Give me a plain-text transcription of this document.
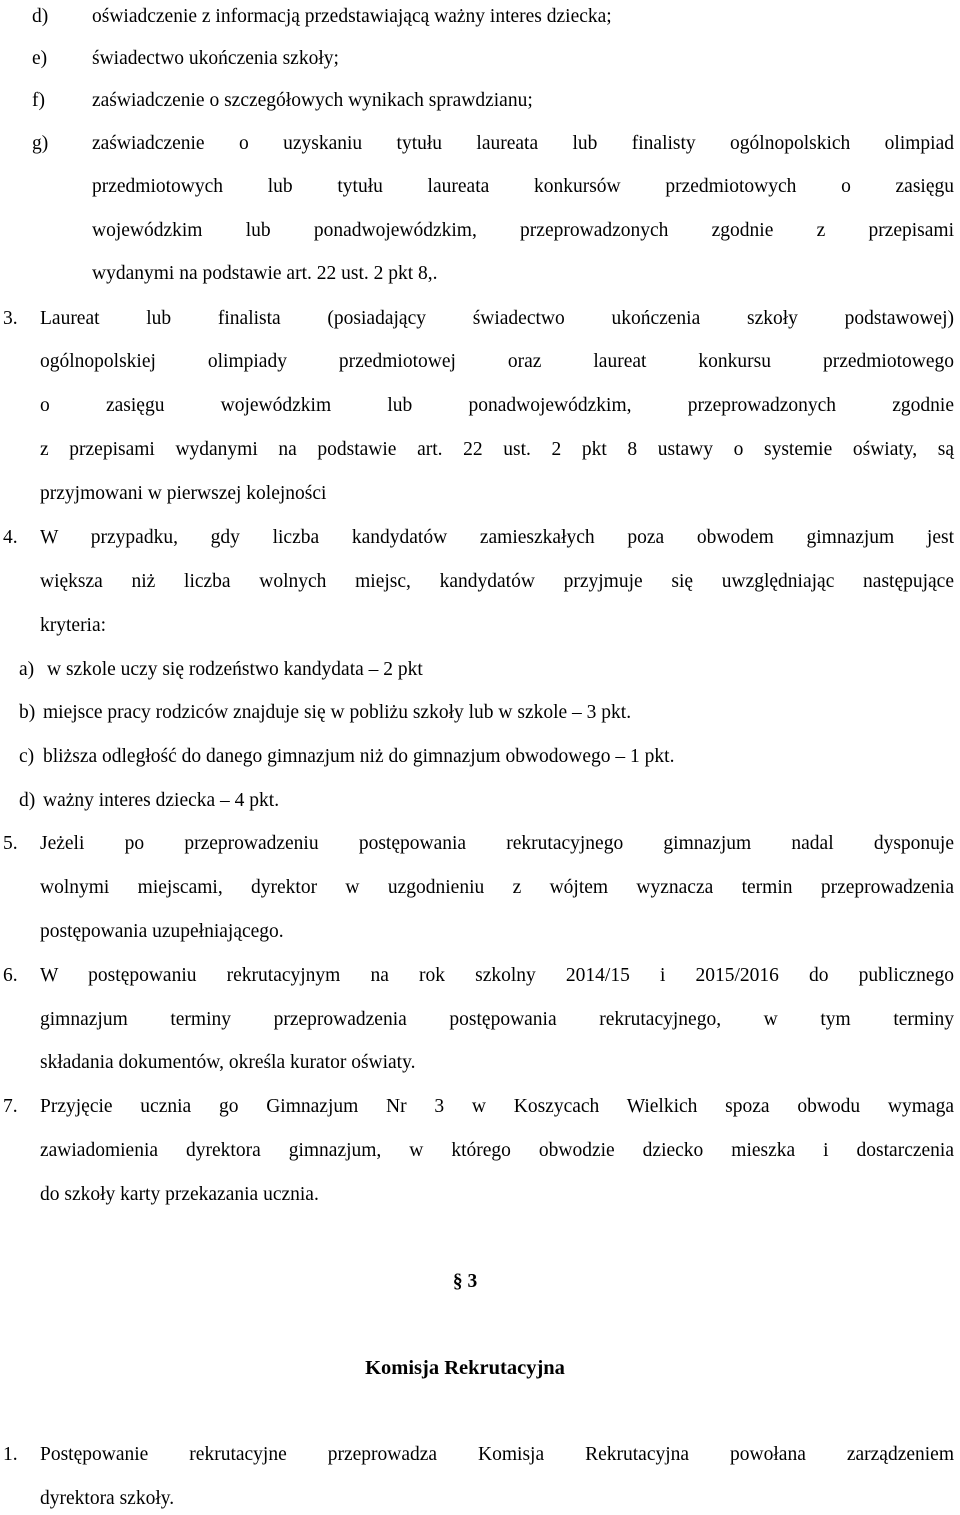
d) oświadczenie z informacją przedstawiającą ważny interes dziecka;
e) świadectwo ukończenia szkoły;
f) zaświadczenie o szczegółowych wynikach sprawdzianu;
g) zaświadczenie o uzyskaniu tytułu laureata lub finalisty ogólnopolskich olimpiad
przedmiotowych lub tytułu laureata konkursów przedmiotowych o zasięgu
wojewódzkim lub ponadwojewódzkim, przeprowadzonych zgodnie z przepisami
wydanymi na podstawie art. 22 ust. 2 pkt 8,.
3. Laureat lub finalista (posiadający świadectwo ukończenia szkoły podstawowej)
ogólnopolskiej olimpiady przedmiotowej oraz laureat konkursu przedmiotowego
o zasięgu wojewódzkim lub ponadwojewódzkim, przeprowadzonych zgodnie
z przepisami wydanymi na podstawie art. 22 ust. 2 pkt 8 ustawy o systemie oświaty, są
przyjmowani w pierwszej kolejności
4. W przypadku, gdy liczba kandydatów zamieszkałych poza obwodem gimnazjum jest
większa niż liczba wolnych miejsc, kandydatów przyjmuje się uwzględniając następujące
kryteria:
a) w szkole uczy się rodzeństwo kandydata – 2 pkt
b) miejsce pracy rodziców znajduje się w pobliżu szkoły lub w szkole – 3 pkt.
c) bliższa odległość do danego gimnazjum niż do gimnazjum obwodowego – 1 pkt.
d) ważny interes dziecka – 4 pkt.
5. Jeżeli po przeprowadzeniu postępowania rekrutacyjnego gimnazjum nadal dysponuje
wolnymi miejscami, dyrektor w uzgodnieniu z wójtem wyznacza termin przeprowadzenia
postępowania uzupełniającego.
6. W postępowaniu rekrutacyjnym na rok szkolny 2014/15 i 2015/2016 do publicznego
gimnazjum terminy przeprowadzenia postępowania rekrutacyjnego, w tym terminy
składania dokumentów, określa kurator oświaty.
7. Przyjęcie ucznia go Gimnazjum Nr 3 w Koszycach Wielkich spoza obwodu wymaga
zawiadomienia dyrektora gimnazjum, w którego obwodzie dziecko mieszka i dostarczenia
do szkoły karty przekazania ucznia.
§ 3
Komisja Rekrutacyjna
1. Postępowanie rekrutacyjne przeprowadza Komisja Rekrutacyjna powołana zarządzeniem
dyrektora szkoły.
